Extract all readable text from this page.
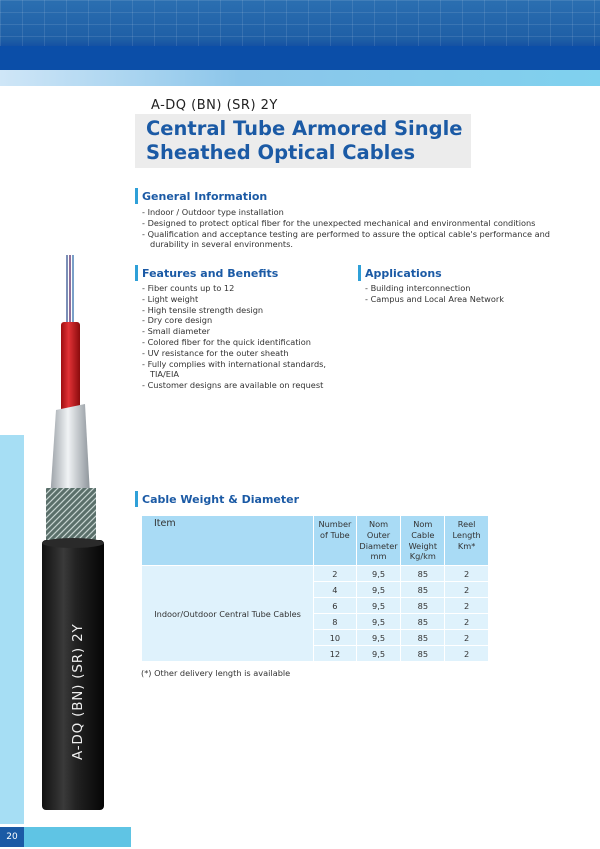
A-DQ (BN) (SR) 2Y
20
A-DQ (BN) (SR) 2Y
Central Tube Armored Single
Sheathed Optical Cables
General Information
- Indoor / Outdoor type installation
- Designed to protect optical fiber for the unexpected mechanical and environmental conditions
- Qualification and acceptance testing are performed to assure the optical cable's performance and durability in several environments.
Features and Benefits
- Fiber counts up to 12
- Light weight
- High tensile strength design
- Dry core design
- Small diameter
- Colored fiber for the quick identification
- UV resistance for the outer sheath
- Fully complies with international standards, TIA/EIA
- Customer designs are available on request
Applications
- Building interconnection
- Campus and Local Area Network
Cable Weight & Diameter
Item	Number of Tube	Nom Outer Diameter mm	Nom Cable Weight Kg/km	Reel Length Km*
Indoor/Outdoor Central Tube Cables	2	9,5	85	2
	4	9,5	85	2
	6	9,5	85	2
	8	9,5	85	2
	10	9,5	85	2
	12	9,5	85	2
(*) Other delivery length is available
